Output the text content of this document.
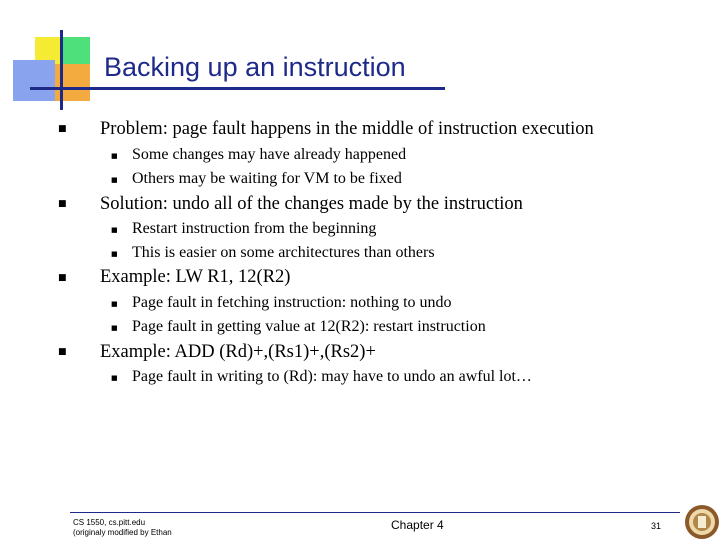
Backing up an instruction
■ Problem: page fault happens in the middle of instruction execution

■ Some changes may have already happened

■ Others may be waiting for VM to be fixed

■ Solution: undo all of the changes made by the instruction

■ Restart instruction from the beginning

■ This is easier on some architectures than others

■ Example: LW R1, 12(R2)

■ Page fault in fetching instruction: nothing to undo

■ Page fault in getting value at 12(R2): restart instruction

■ Example: ADD (Rd)+,(Rs1)+,(Rs2)+

■ Page fault in writing to (Rd): may have to undo an awful lot…

CS 1550, cs.pitt.edu
(originaly modified by Ethan

Chapter 4	31
